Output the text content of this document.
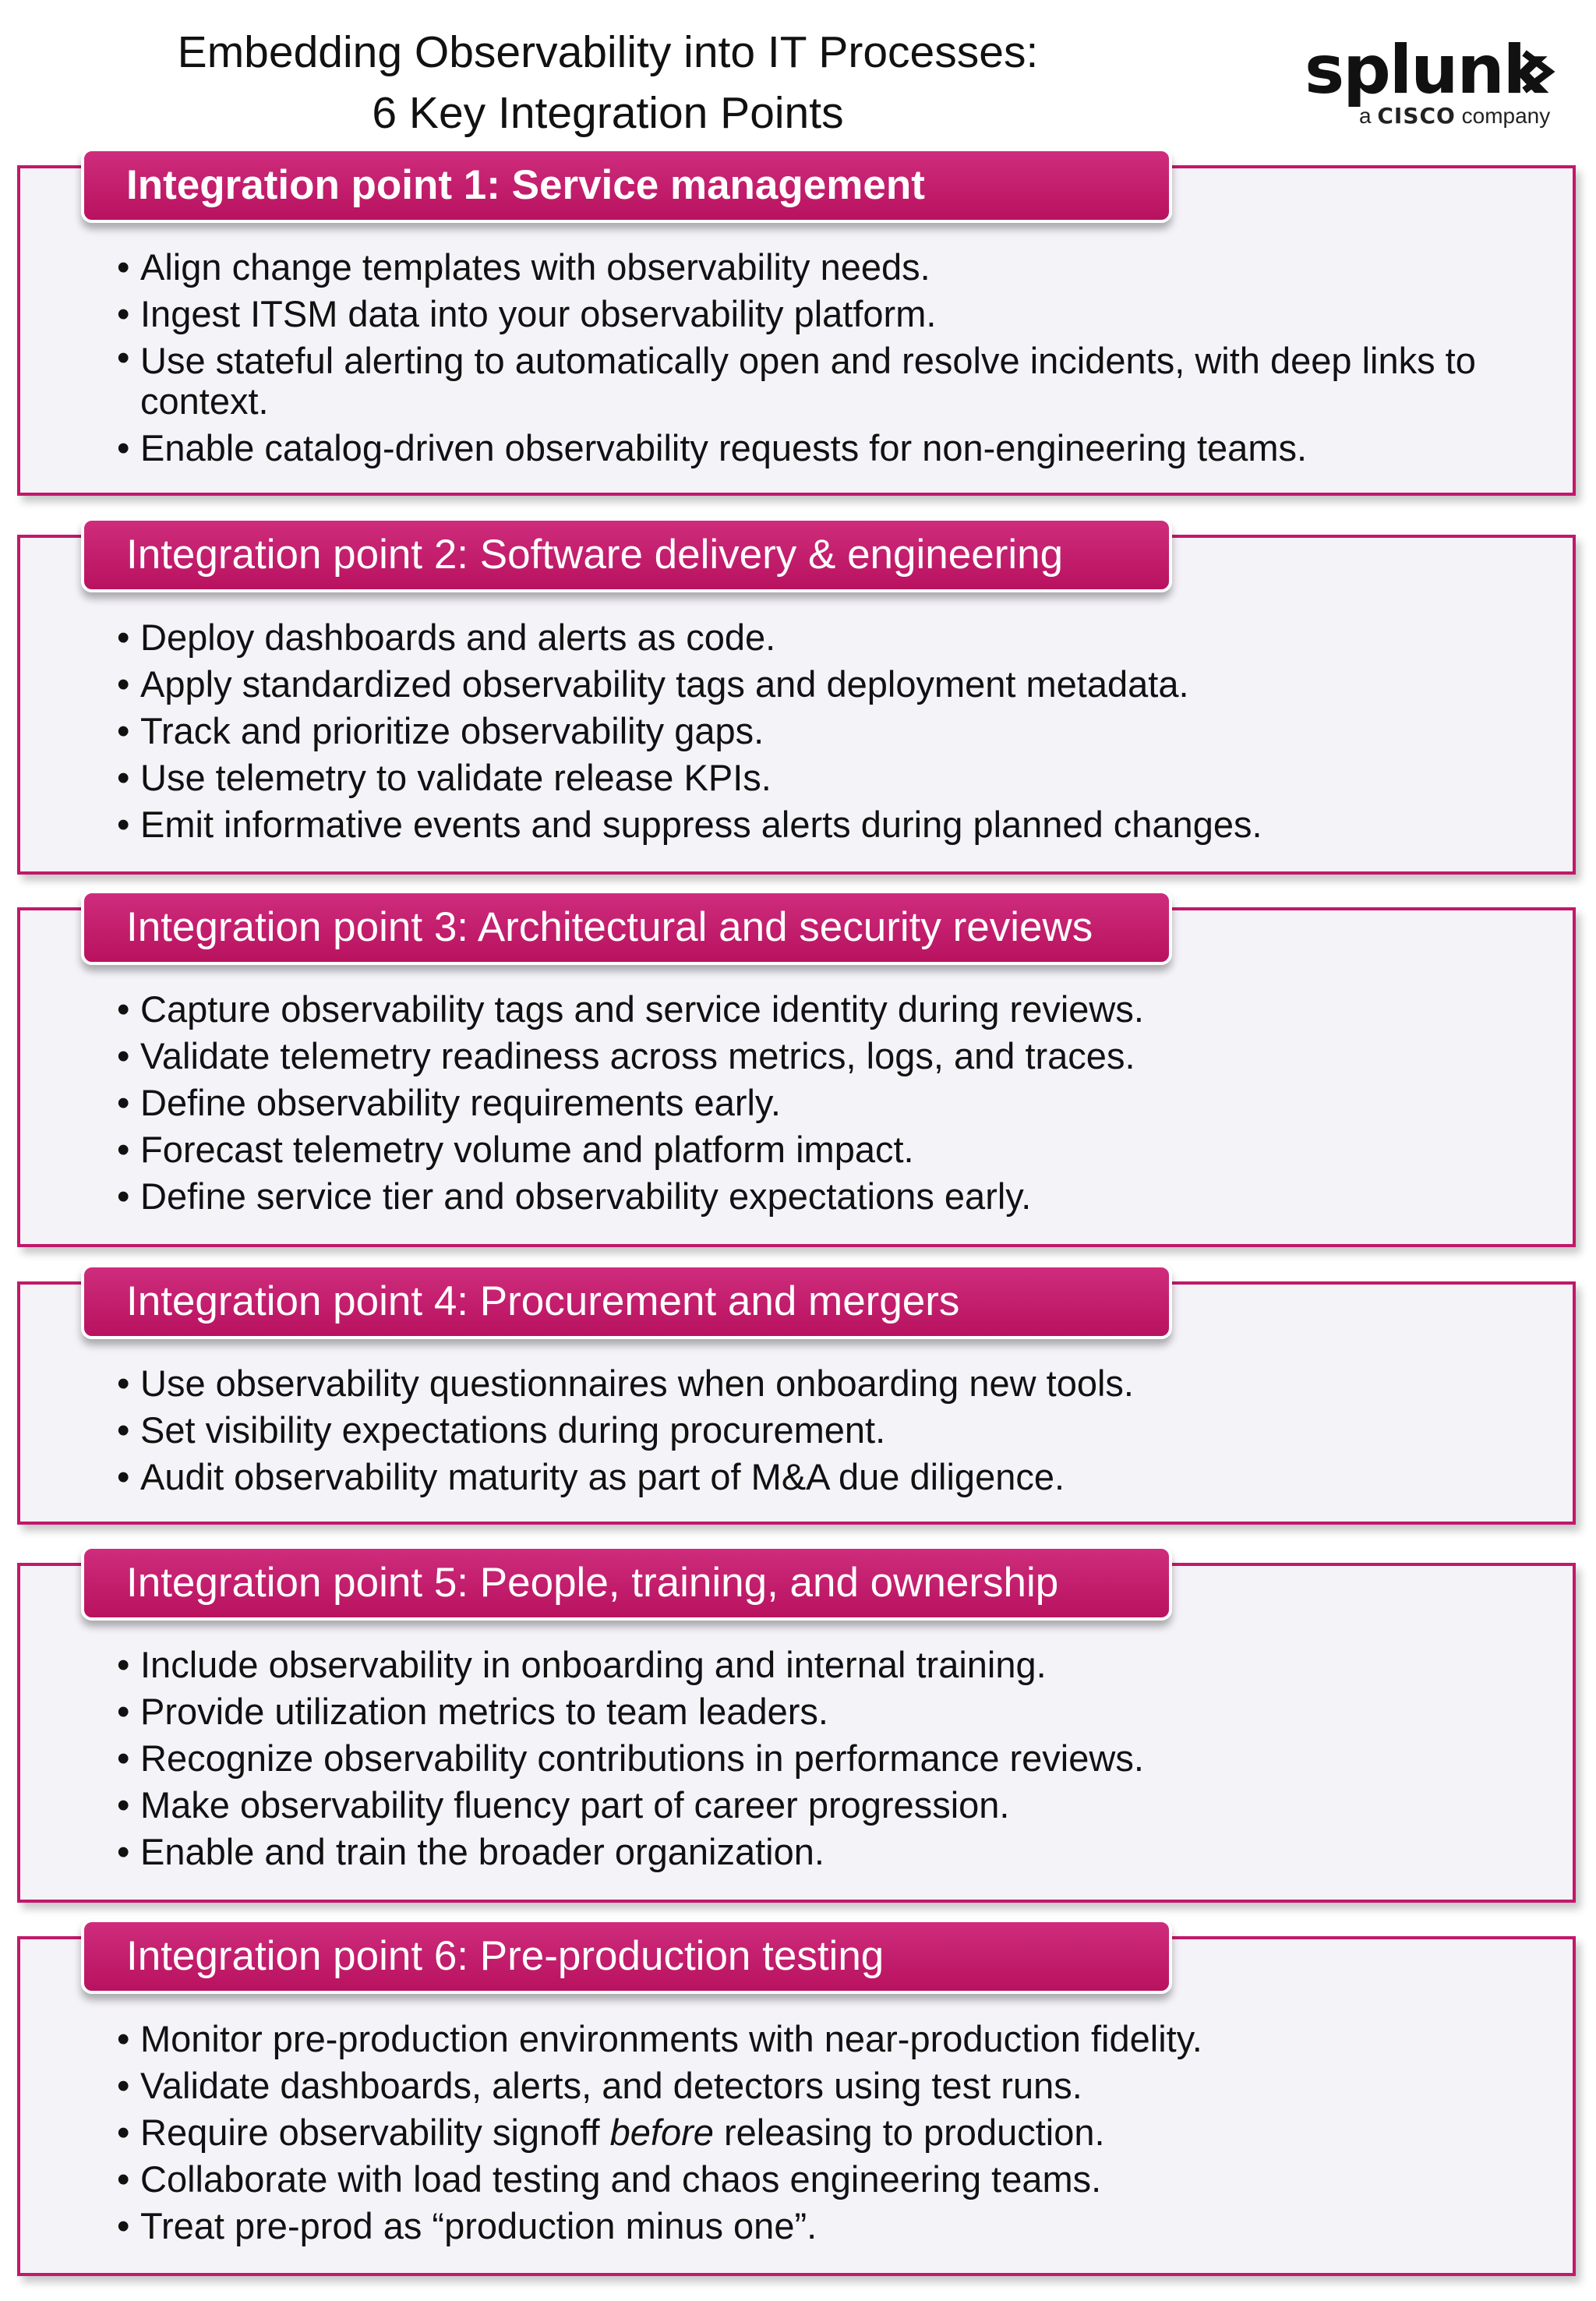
Embedding Observability into IT Processes:
6 Key Integration Points
splunk
a CISCO company
Integration point 1: Service management
• Align change templates with observability needs.
• Ingest ITSM data into your observability platform.
• Use stateful alerting to automatically open and resolve incidents, with deep links to context.
• Enable catalog-driven observability requests for non-engineering teams.
Integration point 2: Software delivery & engineering
• Deploy dashboards and alerts as code.
• Apply standardized observability tags and deployment metadata.
• Track and prioritize observability gaps.
• Use telemetry to validate release KPIs.
• Emit informative events and suppress alerts during planned changes.
Integration point 3: Architectural and security reviews
• Capture observability tags and service identity during reviews.
• Validate telemetry readiness across metrics, logs, and traces.
• Define observability requirements early.
• Forecast telemetry volume and platform impact.
• Define service tier and observability expectations early.
Integration point 4: Procurement and mergers
• Use observability questionnaires when onboarding new tools.
• Set visibility expectations during procurement.
• Audit observability maturity as part of M&A due diligence.
Integration point 5: People, training, and ownership
• Include observability in onboarding and internal training.
• Provide utilization metrics to team leaders.
• Recognize observability contributions in performance reviews.
• Make observability fluency part of career progression.
• Enable and train the broader organization.
Integration point 6: Pre-production testing
• Monitor pre-production environments with near-production fidelity.
• Validate dashboards, alerts, and detectors using test runs.
• Require observability signoff before releasing to production.
• Collaborate with load testing and chaos engineering teams.
• Treat pre-prod as “production minus one”.
